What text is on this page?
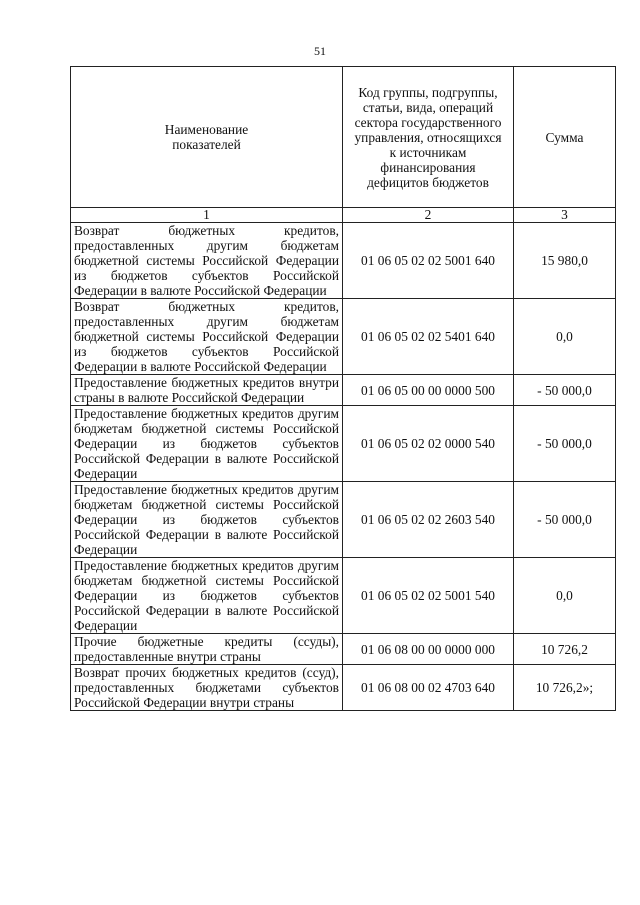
51
Наименование показателей	Код группы, подгруппы, статьи, вида, операций сектора государственного управления, относящихся к источникам финансирования дефицитов бюджетов	Сумма
1	2	3
Возврат бюджетных кредитов, предоставленных другим бюджетам бюджетной системы Российской Федерации из бюджетов субъектов Российской Федерации в валюте Российской Федерации	01 06 05 02 02 5001 640	15 980,0
Возврат бюджетных кредитов, предоставленных другим бюджетам бюджетной системы Российской Федерации из бюджетов субъектов Российской Федерации в валюте Российской Федерации	01 06 05 02 02 5401 640	0,0
Предоставление бюджетных кредитов внутри страны в валюте Российской Федерации	01 06 05 00 00 0000 500	- 50 000,0
Предоставление бюджетных кредитов другим бюджетам бюджетной системы Российской Федерации из бюджетов субъектов Российской Федерации в валюте Российской Федерации	01 06 05 02 02 0000 540	- 50 000,0
Предоставление бюджетных кредитов другим бюджетам бюджетной системы Российской Федерации из бюджетов субъектов Российской Федерации в валюте Российской Федерации	01 06 05 02 02 2603 540	- 50 000,0
Предоставление бюджетных кредитов другим бюджетам бюджетной системы Российской Федерации из бюджетов субъектов Российской Федерации в валюте Российской Федерации	01 06 05 02 02 5001 540	0,0
Прочие бюджетные кредиты (ссуды), предоставленные внутри страны	01 06 08 00 00 0000 000	10 726,2
Возврат прочих бюджетных кредитов (ссуд), предоставленных бюджетами субъектов Российской Федерации внутри страны	01 06 08 00 02 4703 640	10 726,2»;
